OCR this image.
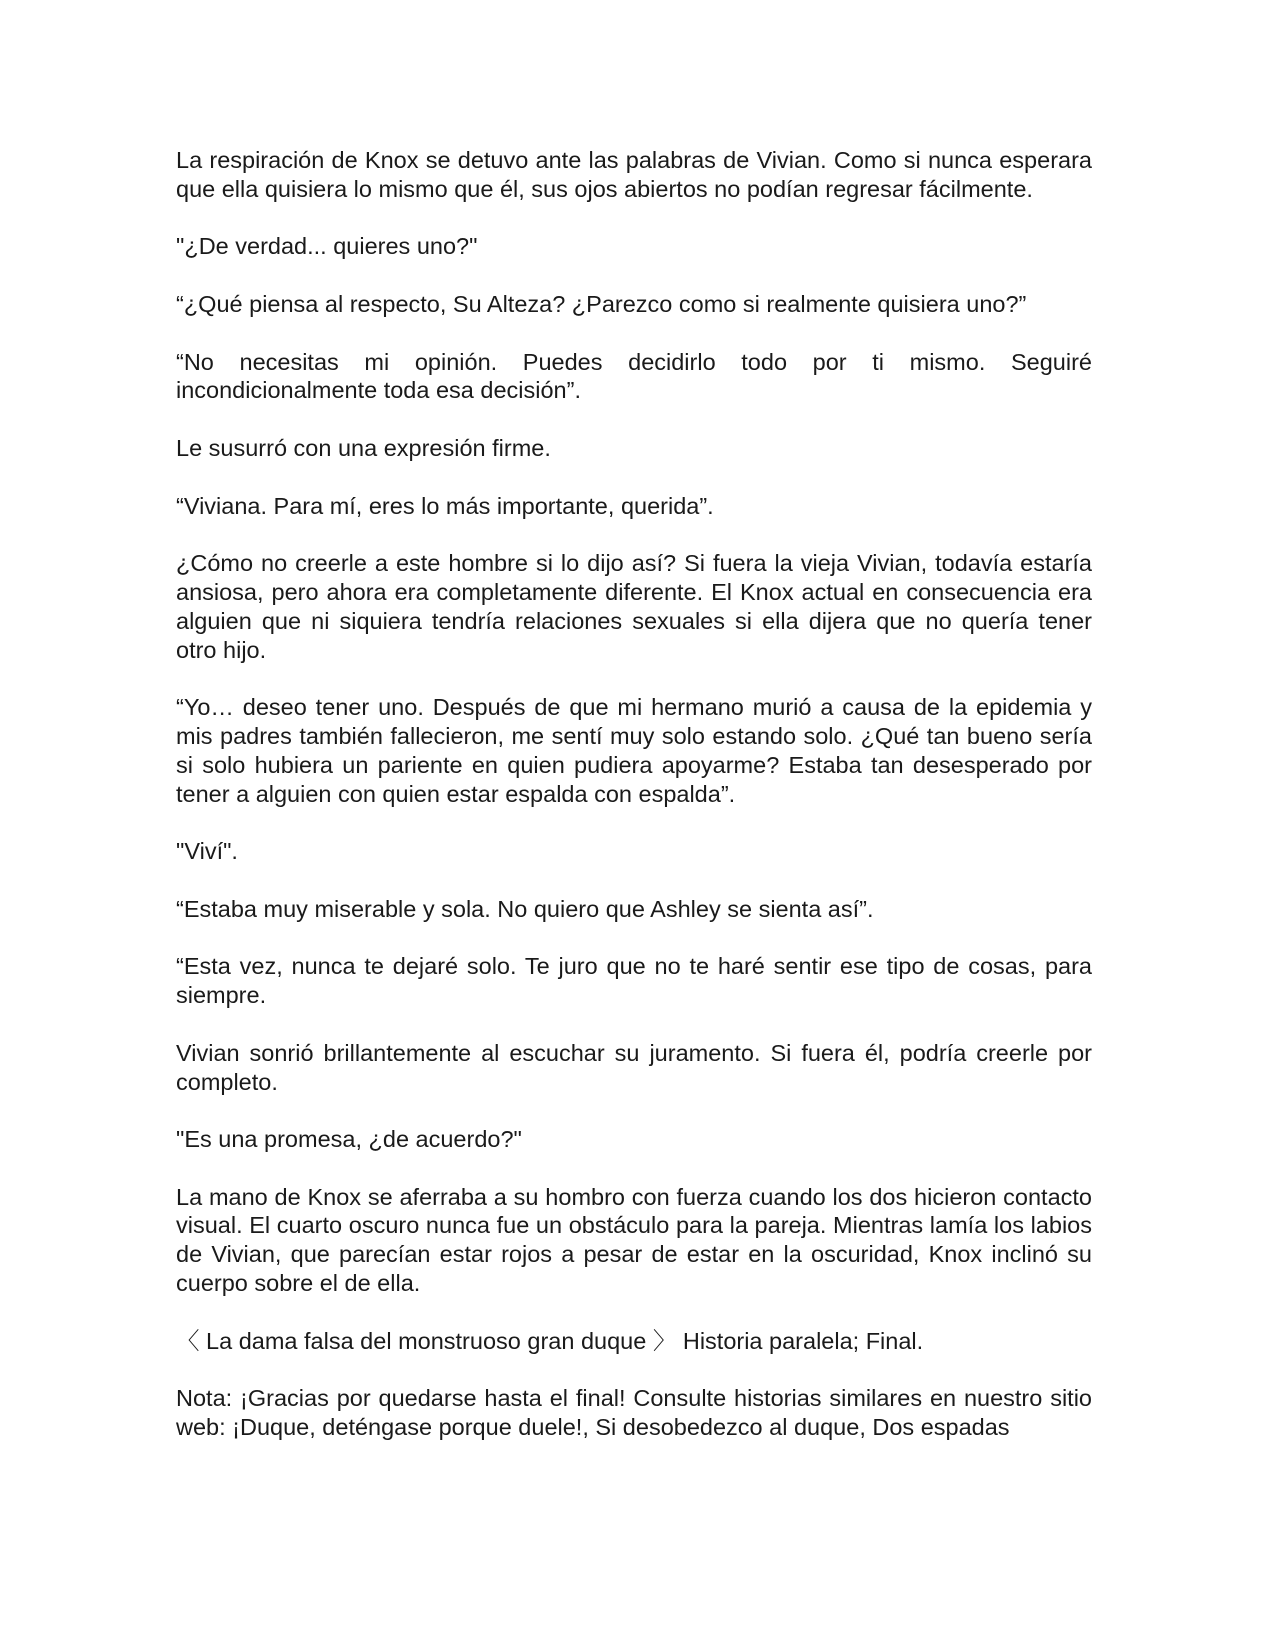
La respiración de Knox se detuvo ante las palabras de Vivian. Como si nunca esperara que ella quisiera lo mismo que él, sus ojos abiertos no podían regresar fácilmente.

"¿De verdad... quieres uno?"

“¿Qué piensa al respecto, Su Alteza? ¿Parezco como si realmente quisiera uno?”

“No necesitas mi opinión. Puedes decidirlo todo por ti mismo. Seguiré incondicionalmente toda esa decisión”.

Le susurró con una expresión firme.

“Viviana. Para mí, eres lo más importante, querida”.

¿Cómo no creerle a este hombre si lo dijo así? Si fuera la vieja Vivian, todavía estaría ansiosa, pero ahora era completamente diferente. El Knox actual en consecuencia era alguien que ni siquiera tendría relaciones sexuales si ella dijera que no quería tener otro hijo.

“Yo… deseo tener uno. Después de que mi hermano murió a causa de la epidemia y mis padres también fallecieron, me sentí muy solo estando solo. ¿Qué tan bueno sería si solo hubiera un pariente en quien pudiera apoyarme? Estaba tan desesperado por tener a alguien con quien estar espalda con espalda”.

"Viví".

“Estaba muy miserable y sola. No quiero que Ashley se sienta así”.

“Esta vez, nunca te dejaré solo. Te juro que no te haré sentir ese tipo de cosas, para siempre.

Vivian sonrió brillantemente al escuchar su juramento. Si fuera él, podría creerle por completo.

"Es una promesa, ¿de acuerdo?"

La mano de Knox se aferraba a su hombro con fuerza cuando los dos hicieron contacto visual. El cuarto oscuro nunca fue un obstáculo para la pareja. Mientras lamía los labios de Vivian, que parecían estar rojos a pesar de estar en la oscuridad, Knox inclinó su cuerpo sobre el de ella.

〈 La dama falsa del monstruoso gran duque 〉 Historia paralela; Final.

Nota: ¡Gracias por quedarse hasta el final! Consulte historias similares en nuestro sitio web: ¡Duque, deténgase porque duele!, Si desobedezco al duque, Dos espadas
